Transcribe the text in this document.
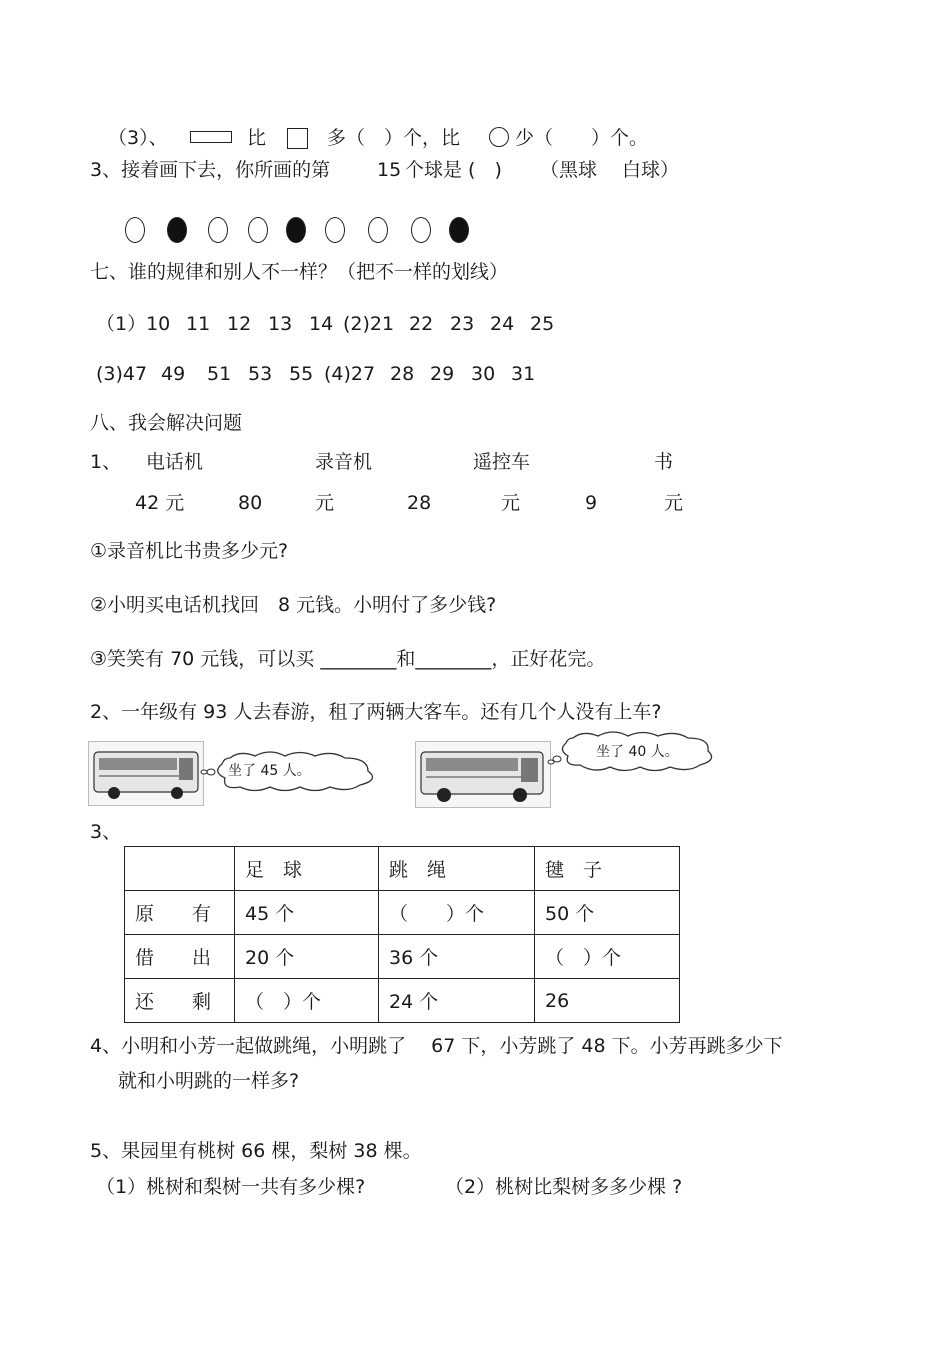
（3）、	比	多（　）个，比	少（　　）个。
3、接着画下去，你所画的第 15 个球是 (　) （黑球　 白球）
七、谁的规律和别人不一样？（把不一样的划线）
（1）10 11 12 13 14 (2)21 22 23 24 25
(3)47 49 51 53 55 (4)27 28 29 30 31
八、我会解决问题
1、 电话机	录音机	遥控车	书
42 元	80	元	28	元	9	元
①录音机比书贵多少元?
②小明买电话机找回　8 元钱。小明付了多少钱?
③笑笑有 70 元钱，可以买 ________和________，正好花完。
2、一年级有 93 人去春游，租了两辆大客车。还有几个人没有上车?
坐了 45 人。
坐了 40 人。
3、
	足　球	跳　绳	毽　子
原　　有	45 个	（　　）个	50 个
借　　出	20 个	36 个	（　）个
还　　剩	（　）个	24 个	26
4、小明和小芳一起做跳绳，小明跳了　 67 下，小芳跳了 48 下。小芳再跳多少下
就和小明跳的一样多?
5、果园里有桃树 66 棵，梨树 38 棵。
（1）桃树和梨树一共有多少棵?	（2）桃树比梨树多多少棵 ?
